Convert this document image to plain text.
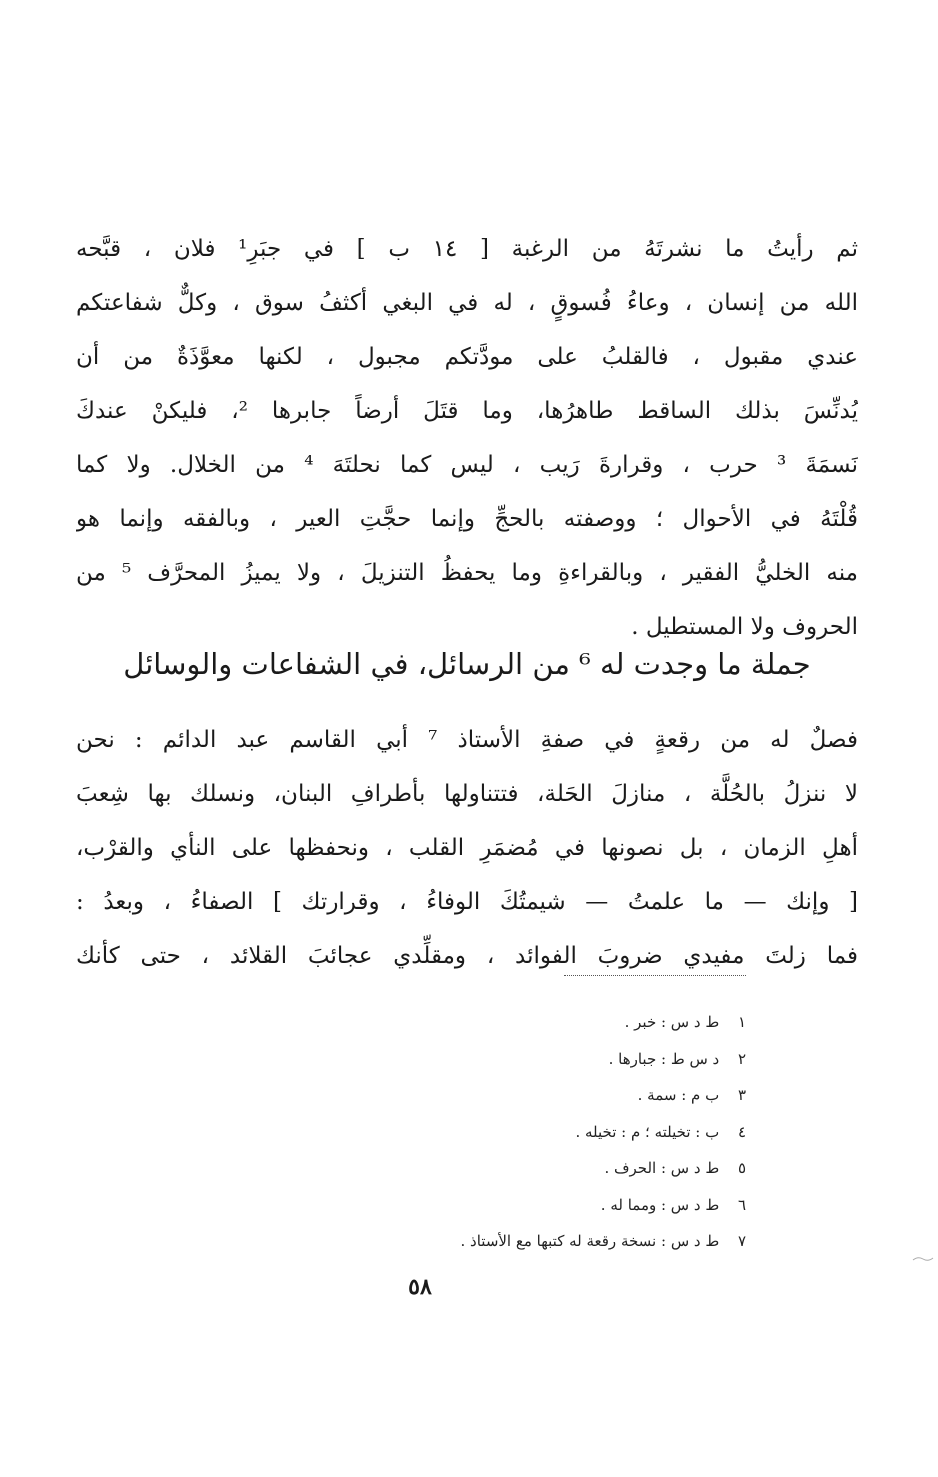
ثم رأيتُ ما نشرتَهُ من الرغبة [ ١٤ ب ] في جبَرِ¹ فلان ، قبَّحه
الله من إنسان ، وعاءُ فُسوقٍ ، له في البغي أكثفُ سوق ، وكلٌّ شفاعتكم
عندي مقبول ، فالقلبُ على مودَّتكم مجبول ، لكنها معوَّذَةٌ من أن
يُدنِّسَ بذلك الساقط طاهرُها، وما قتَلَ أرضاً جابرها ²، فليكنْ عندكَ
نَسمَةَ ³ حرب ، وقرارةَ رَيب ، ليس كما نحلتَهَ ⁴ من الخلال. ولا كما
قُلْتَهُ في الأحوال ؛ ووصفته بالحجِّ وإنما حجَّتِ العير ، وبالفقه وإنما هو
منه الخليُّ الفقير ، وبالقراءةِ وما يحفظُ التنزيلَ ، ولا يميزُ المحرَّف ⁵ من
الحروف ولا المستطيل .
جملة ما وجدت له ⁶ من الرسائل، في الشفاعات والوسائل
فصلٌ له من رقعةٍ في صفةِ الأستاذ ⁷ أبي القاسم عبد الدائم : نحن
لا ننزلُ بالحُلَّة ، منازلَ الحَلة، فتتناولها بأطرافِ البنان، ونسلك بها شِعبَ
أهلِ الزمان ، بل نصونها في مُضمَرِ القلب ، ونحفظها على النأي والقرْب،
[ وإنك — ما علمتُ — شيمتُكَ الوفاءُ ، وقرارتك ] الصفاءُ ، وبعدُ :
فما زلتَ مفيدي ضروبَ الفوائد ، ومقلِّدي عجائبَ القلائد ، حتى كأنك
١ ط د س : خبر .
٢ د س ط : جبارها .
٣ ب م : سمة .
٤ ب : تخيلته ؛ م : تخيله .
٥ ط د س : الحرف .
٦ ط د س : ومما له .
٧ ط د س : نسخة رقعة له كتبها مع الأستاذ .
٥٨
